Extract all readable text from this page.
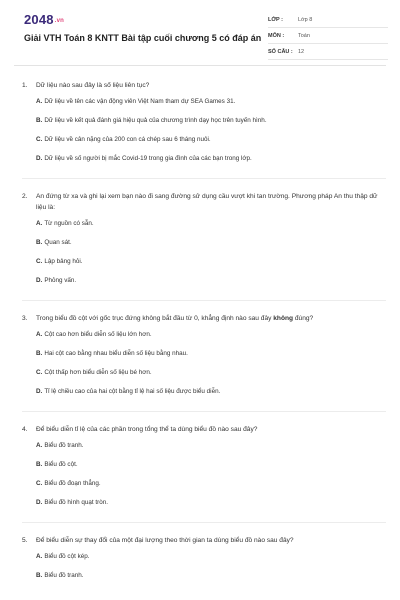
$2048^{.vn}$
Giải VTH Toán 8 KNTT Bài tập cuối chương 5 có đáp án
LỚP :	Lớp 8
MÔN :	Toán
SỐ CÂU : 12
1.	Dữ liệu nào sau đây là số liệu liên tục?
A. Dữ liệu về tên các vận động viên Việt Nam tham dự SEA Games 31.
B. Dữ liệu về kết quả đánh giá hiệu quả của chương trình dạy học trên tuyến hình.
C. Dữ liệu về cân nặng của 200 con cá chép sau 6 tháng nuôi.
D. Dữ liệu về số người bị mắc Covid-19 trong gia đình của các bạn trong lớp.
2.	An đứng từ xa và ghi lại xem bạn nào đi sang đường sử dụng cầu vượt khi tan trường. Phương pháp An thu thập dữ liệu là:
A. Từ nguồn có sẵn.
B. Quan sát.
C. Lập bảng hỏi.
D. Phỏng vấn.
3.	Trong biểu đồ cột với gốc trục đứng không bắt đầu từ 0, khẳng định nào sau đây không đúng?
A. Cột cao hơn biểu diễn số liệu lớn hơn.
B. Hai cột cao bằng nhau biểu diễn số liệu bằng nhau.
C. Cột thấp hơn biểu diễn số liệu bé hơn.
D. Tỉ lệ chiều cao của hai cột bằng tỉ lệ hai số liệu được biểu diễn.
4.	Để biểu diễn tỉ lệ của các phần trong tổng thể ta dùng biểu đồ nào sau đây?
A. Biểu đồ tranh.
B. Biểu đồ cột.
C. Biểu đồ đoạn thẳng.
D. Biểu đồ hình quạt tròn.
5.	Để biểu diễn sự thay đổi của một đại lượng theo thời gian ta dùng biểu đồ nào sau đây?
A. Biểu đồ cột kép.
B. Biểu đồ tranh.
